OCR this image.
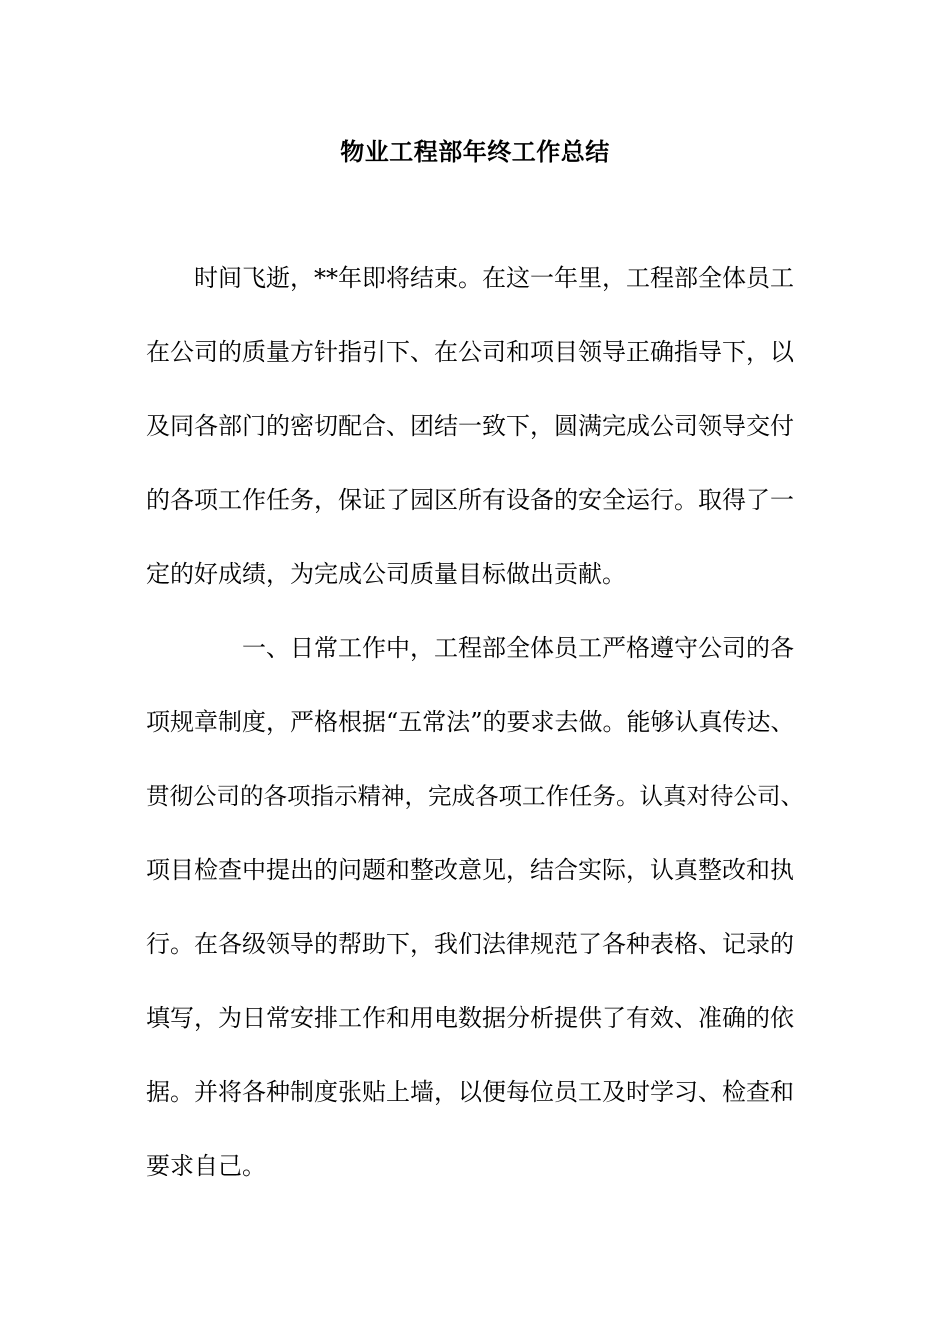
物业工程部年终工作总结

时间飞逝，**年即将结束。在这一年里，工程部全体员工

在公司的质量方针指引下、在公司和项目领导正确指导下，以

及同各部门的密切配合、团结一致下，圆满完成公司领导交付

的各项工作任务，保证了园区所有设备的安全运行。取得了一

定的好成绩，为完成公司质量目标做出贡献。

一、日常工作中，工程部全体员工严格遵守公司的各

项规章制度，严格根据“五常法”的要求去做。能够认真传达、

贯彻公司的各项指示精神，完成各项工作任务。认真对待公司、

项目检查中提出的问题和整改意见，结合实际，认真整改和执

行。在各级领导的帮助下，我们法律规范了各种表格、记录的

填写，为日常安排工作和用电数据分析提供了有效、准确的依

据。并将各种制度张贴上墙，以便每位员工及时学习、检查和

要求自己。
